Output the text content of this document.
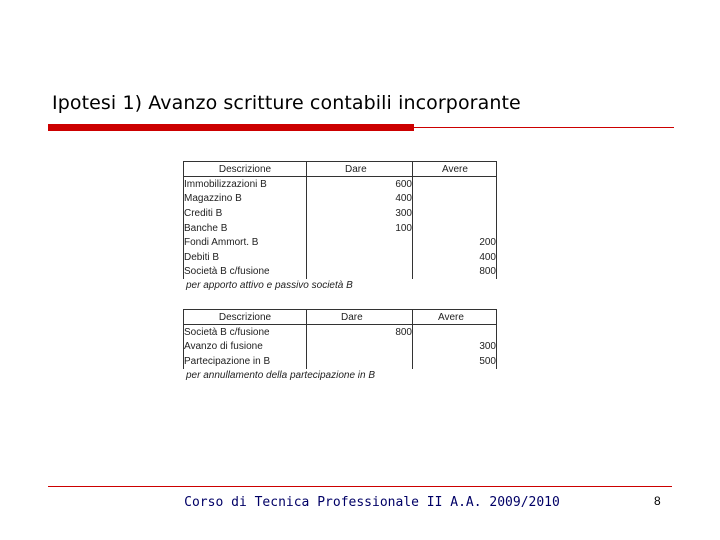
Ipotesi 1) Avanzo scritture contabili incorporante
Descrizione	Dare	Avere
Immobilizzazioni B	600	
Magazzino B	400	
Crediti B	300	
Banche B	100	
Fondi Ammort. B		200
Debiti B		400
Società B c/fusione		800
per apporto attivo e passivo società B
Descrizione	Dare	Avere
Società B c/fusione	800	
Avanzo di fusione		300
Partecipazione in B		500
per annullamento della partecipazione in B
Corso di Tecnica Professionale II A.A. 2009/2010	8
